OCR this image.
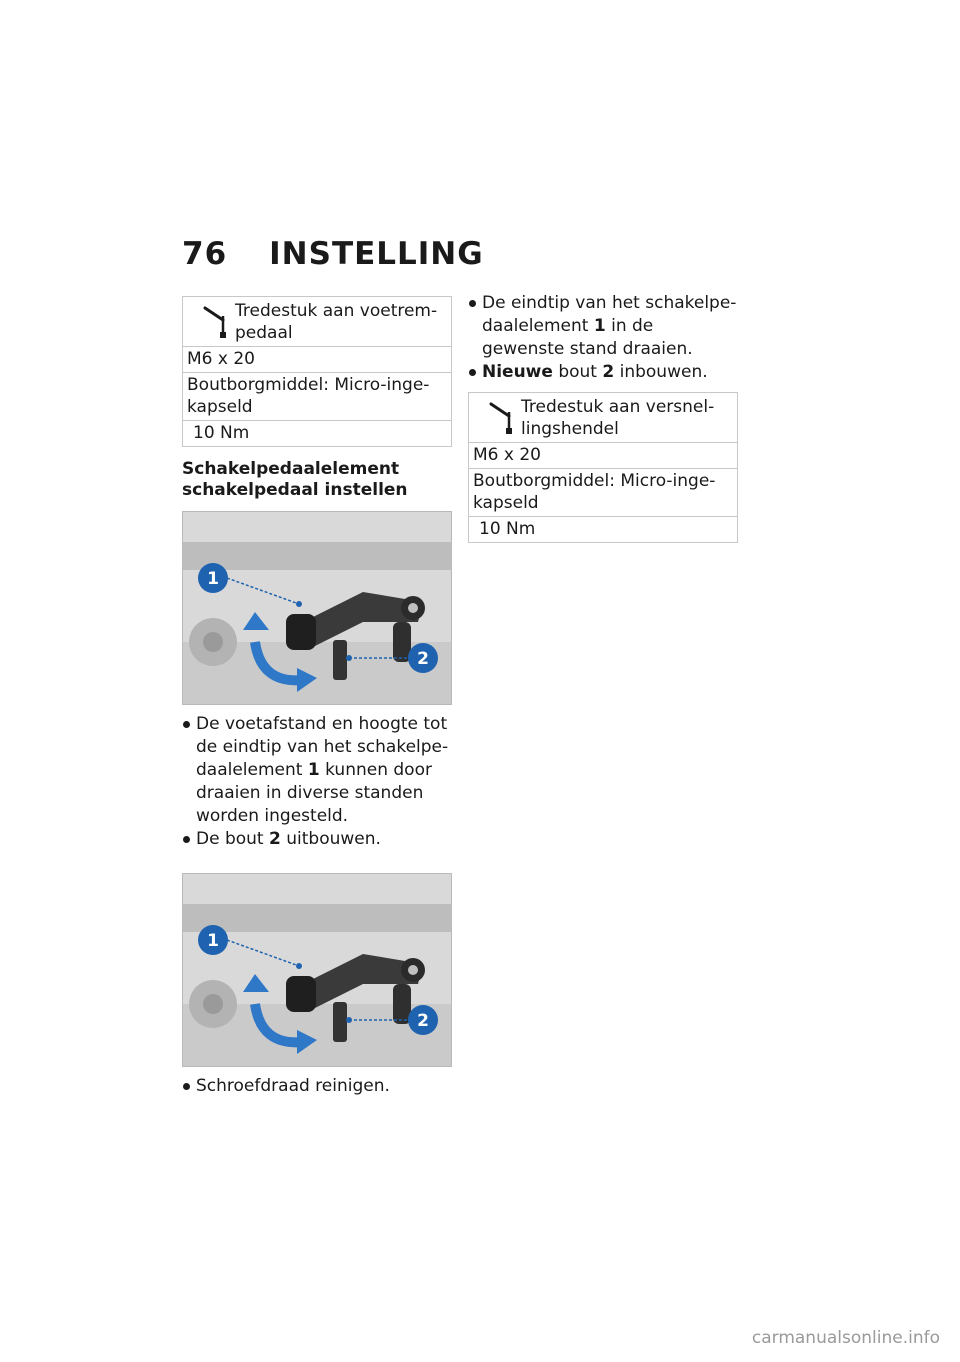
76 INSTELLING
Tredestuk aan voetrem-pedaal

M6 x 20
Boutborgmiddel: Micro-inge-kapseld
10 Nm
Schakelpedaalelement schakelpedaal instellen
1
2
De voetafstand en hoogte tot de eindtip van het schakelpe-daalelement 1 kunnen door draaien in diverse standen worden ingesteld.
De bout 2 uitbouwen.
1
2
Schroefdraad reinigen.
De eindtip van het schakelpe-daalelement 1 in de gewenste stand draaien.
Nieuwe bout 2 inbouwen.
Tredestuk aan versnel-lingshendel

M6 x 20
Boutborgmiddel: Micro-inge-kapseld
10 Nm
carmanualsonline.info
